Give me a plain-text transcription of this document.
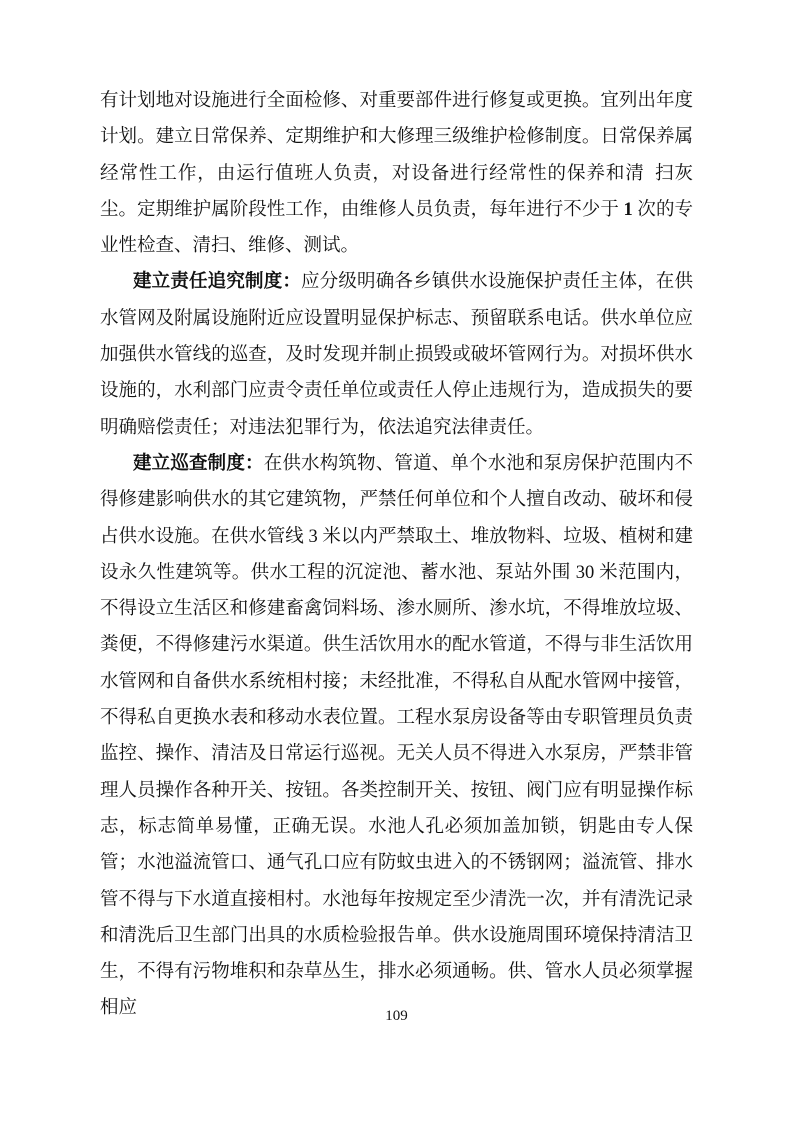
有计划地对设施进行全面检修、对重要部件进行修复或更换。宜列出年度计划。建立日常保养、定期维护和大修理三级维护检修制度。日常保养属经常性工作，由运行值班人负责，对设备进行经常性的保养和清 扫灰尘。定期维护属阶段性工作，由维修人员负责，每年进行不少于 1 次的专业性检查、清扫、维修、测试。

建立责任追究制度：应分级明确各乡镇供水设施保护责任主体，在供水管网及附属设施附近应设置明显保护标志、预留联系电话。供水单位应加强供水管线的巡查，及时发现并制止损毁或破坏管网行为。对损坏供水设施的，水利部门应责令责任单位或责任人停止违规行为，造成损失的要明确赔偿责任；对违法犯罪行为，依法追究法律责任。

建立巡查制度：在供水构筑物、管道、单个水池和泵房保护范围内不得修建影响供水的其它建筑物，严禁任何单位和个人擅自改动、破坏和侵占供水设施。在供水管线 3 米以内严禁取土、堆放物料、垃圾、植树和建设永久性建筑等。供水工程的沉淀池、蓄水池、泵站外围 30 米范围内，不得设立生活区和修建畜禽饲料场、渗水厕所、渗水坑，不得堆放垃圾、粪便，不得修建污水渠道。供生活饮用水的配水管道，不得与非生活饮用水管网和自备供水系统相村接；未经批准，不得私自从配水管网中接管，不得私自更换水表和移动水表位置。工程水泵房设备等由专职管理员负责监控、操作、清洁及日常运行巡视。无关人员不得进入水泵房，严禁非管理人员操作各种开关、按钮。各类控制开关、按钮、阀门应有明显操作标志，标志简单易懂，正确无误。水池人孔必须加盖加锁，钥匙由专人保管；水池溢流管口、通气孔口应有防蚊虫进入的不锈钢网；溢流管、排水管不得与下水道直接相村。水池每年按规定至少清洗一次，并有清洗记录和清洗后卫生部门出具的水质检验报告单。供水设施周围环境保持清洁卫生，不得有污物堆积和杂草丛生，排水必须通畅。供、管水人员必须掌握相应	109
